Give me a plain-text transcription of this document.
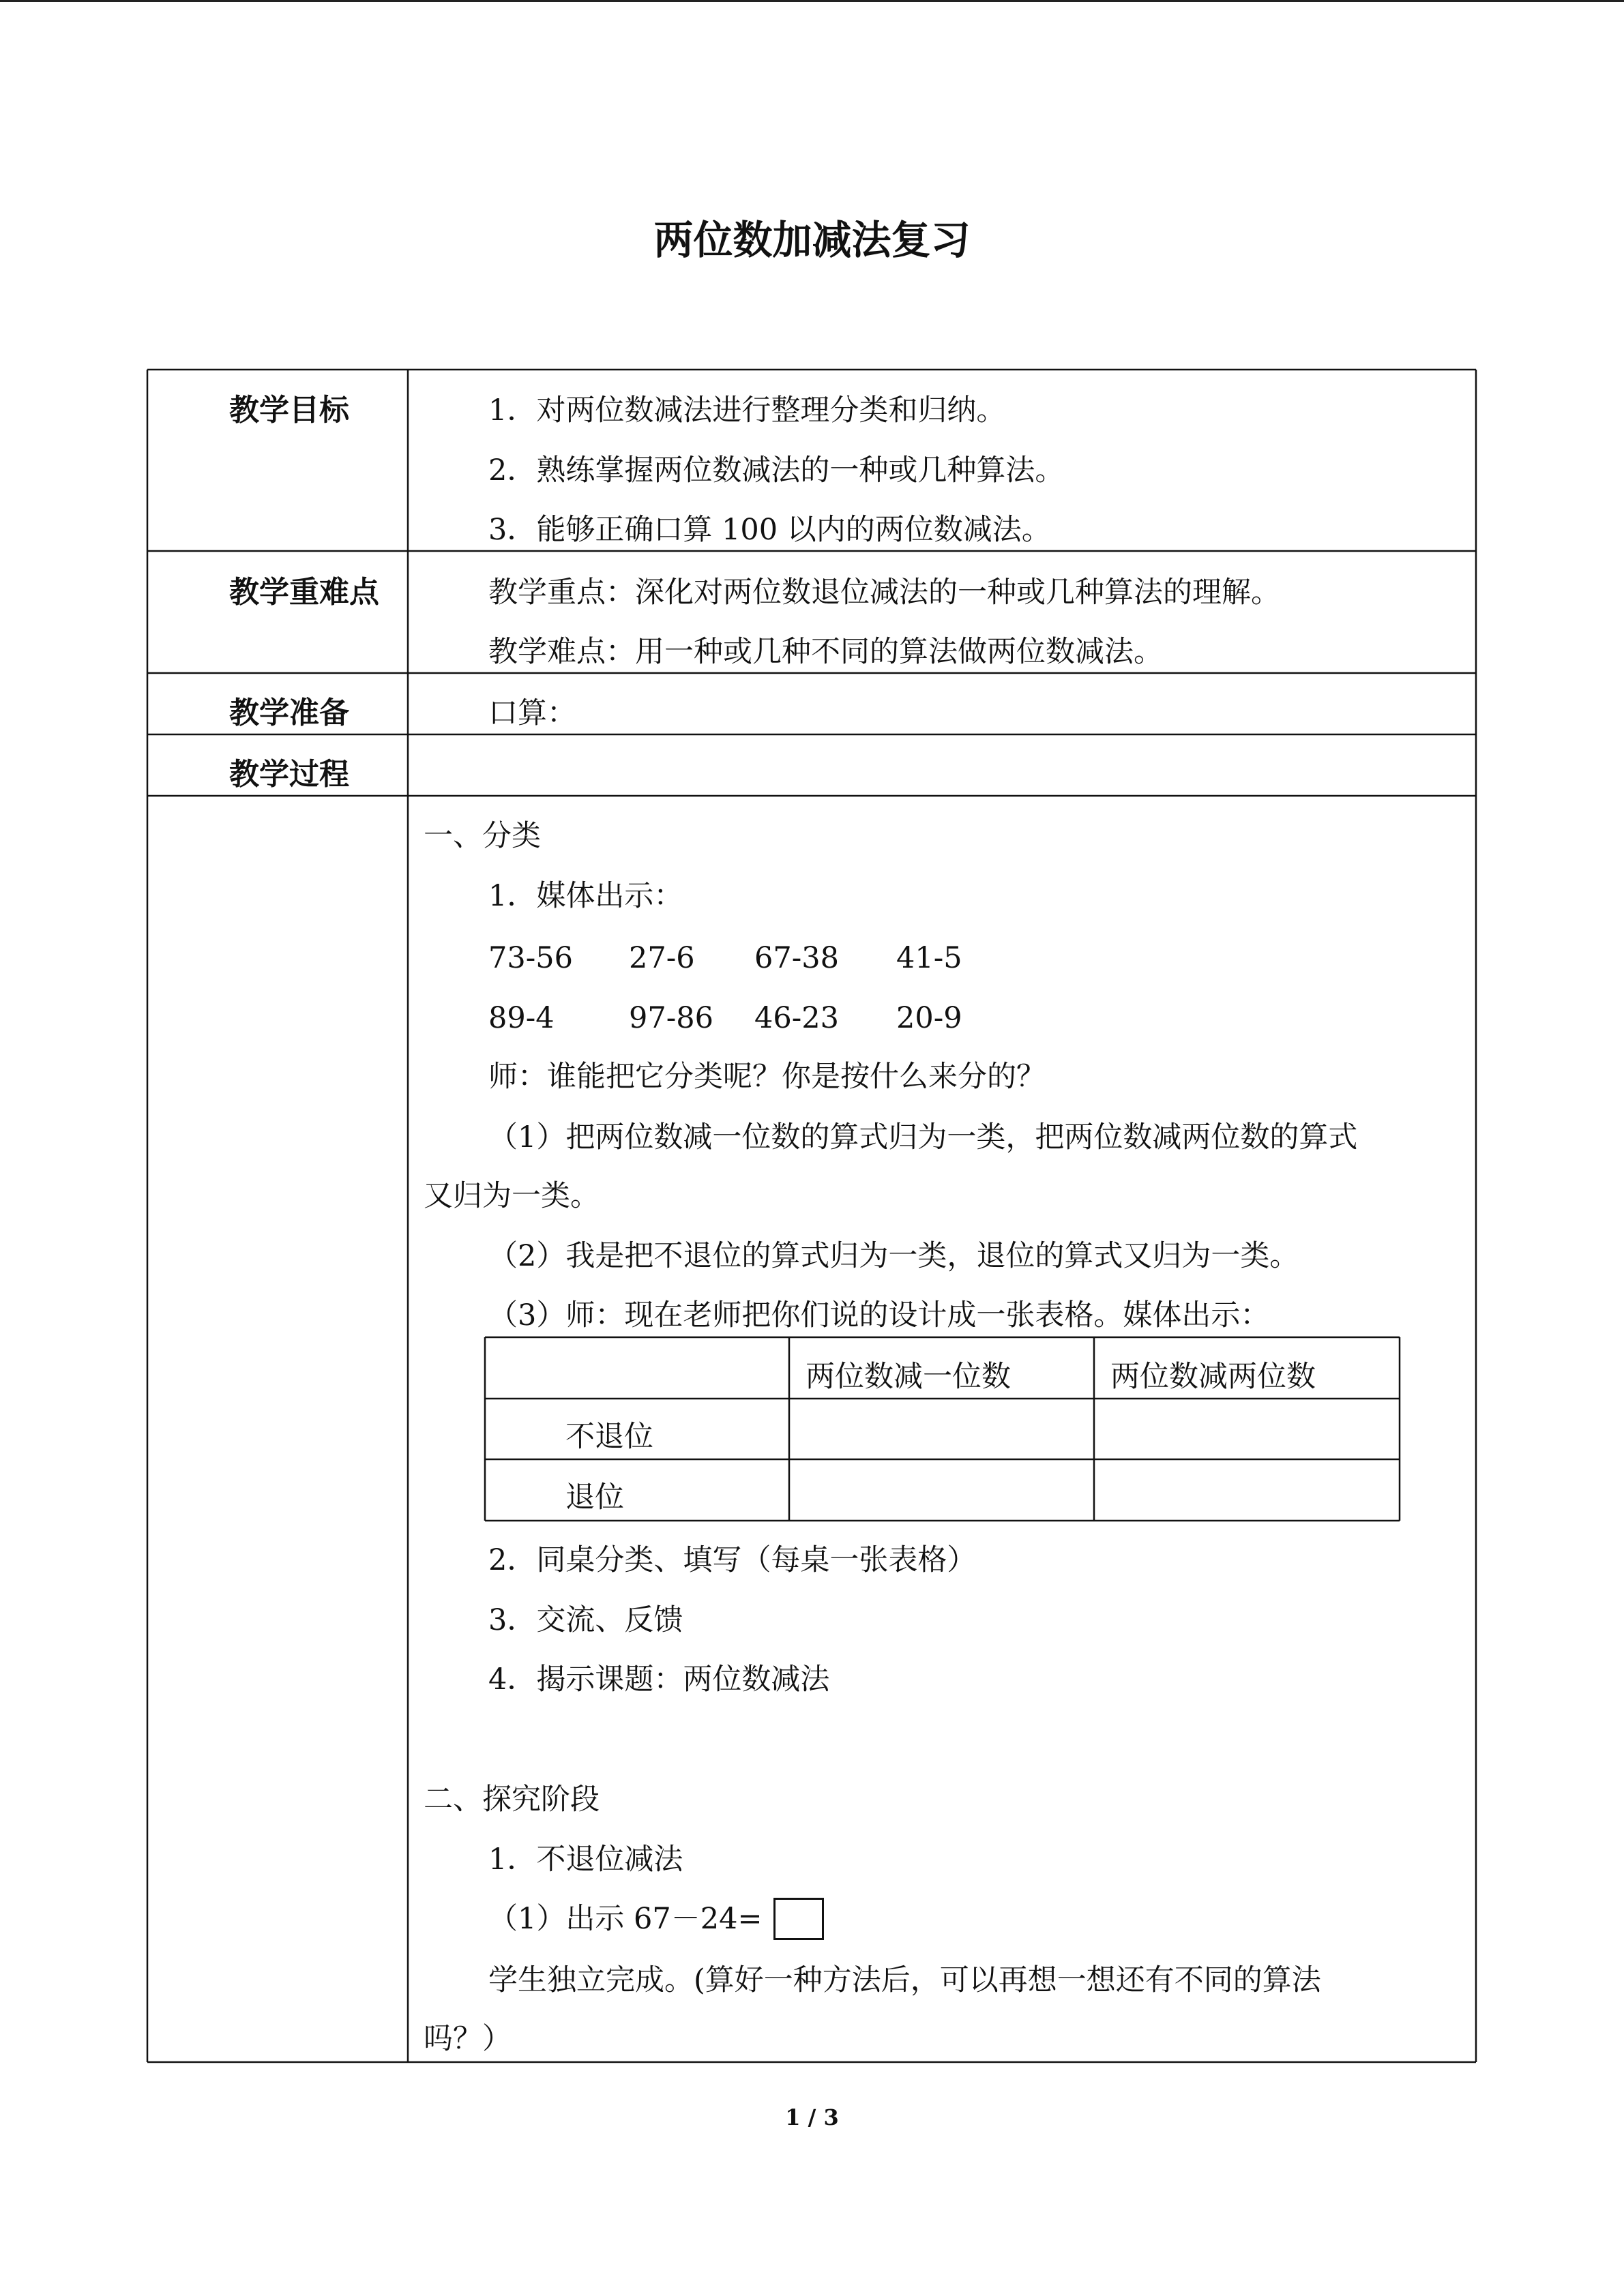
两位数加减法复习
教学目标
教学重难点
教学准备
教学过程
1．对两位数减法进行整理分类和归纳。
2．熟练掌握两位数减法的一种或几种算法。
3．能够正确口算 100 以内的两位数减法。
教学重点：深化对两位数退位减法的一种或几种算法的理解。
教学难点：用一种或几种不同的算法做两位数减法。
口算：
一、分类
1．媒体出示：
73-56 27-6 67-38 41-5
89-4	97-86 46-23 20-9
师：谁能把它分类呢？你是按什么来分的？
（1）把两位数减一位数的算式归为一类，把两位数减两位数的算式
又归为一类。
（2）我是把不退位的算式归为一类，退位的算式又归为一类。
（3）师：现在老师把你们说的设计成一张表格。媒体出示：
两位数减一位数	两位数减两位数
不退位
退位
2．同桌分类、填写（每桌一张表格）
3．交流、反馈
4．揭示课题：两位数减法
二、探究阶段
1．不退位减法
（1）出示 67－24=
学生独立完成。(算好一种方法后，可以再想一想还有不同的算法
吗？）
1 / 3
